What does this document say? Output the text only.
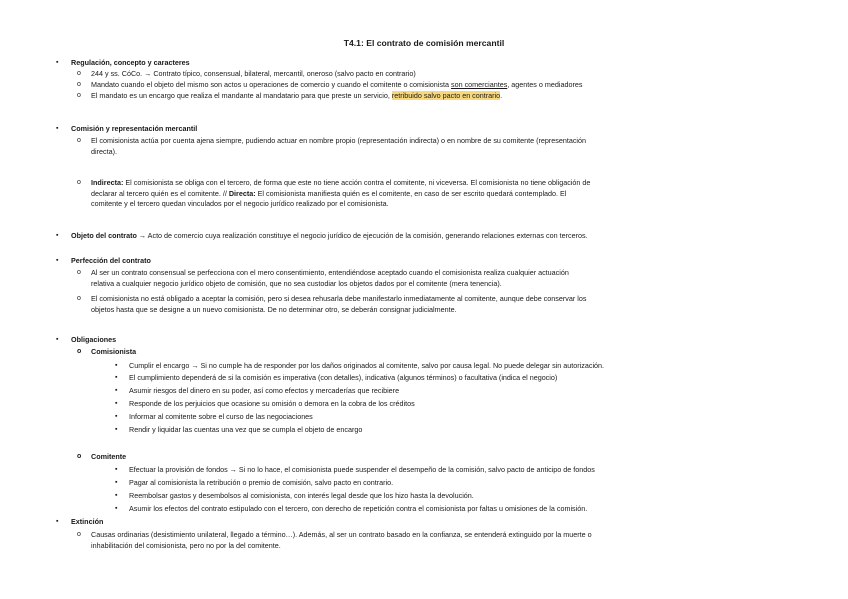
T4.1: El contrato de comisión mercantil
▪ Regulación, concepto y caracteres
o 244 y ss. CóCo. → Contrato típico, consensual, bilateral, mercantil, oneroso (salvo pacto en contrario)
o Mandato cuando el objeto del mismo son actos u operaciones de comercio y cuando el comitente o comisionista son comerciantes, agentes o mediadores
o El mandato es un encargo que realiza el mandante al mandatario para que preste un servicio, retribuido salvo pacto en contrario.
▪ Comisión y representación mercantil
o El comisionista actúa por cuenta ajena siempre, pudiendo actuar en nombre propio (representación indirecta) o en nombre de su comitente (representación
directa).
o Indirecta: El comisionista se obliga con el tercero, de forma que este no tiene acción contra el comitente, ni viceversa. El comisionista no tiene obligación de
declarar al tercero quién es el comitente. // Directa: El comisionista manifiesta quién es el comitente, en caso de ser escrito quedará contemplado. El
comitente y el tercero quedan vinculados por el negocio jurídico realizado por el comisionista.
▪ Objeto del contrato → Acto de comercio cuya realización constituye el negocio jurídico de ejecución de la comisión, generando relaciones externas con terceros.
▪ Perfección del contrato
o Al ser un contrato consensual se perfecciona con el mero consentimiento, entendiéndose aceptado cuando el comisionista realiza cualquier actuación
relativa a cualquier negocio jurídico objeto de comisión, que no sea custodiar los objetos dados por el comitente (mera tenencia).
o El comisionista no está obligado a aceptar la comisión, pero si desea rehusarla debe manifestarlo inmediatamente al comitente, aunque debe conservar los
objetos hasta que se designe a un nuevo comisionista. De no determinar otro, se deberán consignar judicialmente.
▪ Obligaciones
o Comisionista
▪ Cumplir el encargo → Si no cumple ha de responder por los daños originados al comitente, salvo por causa legal. No puede delegar sin autorización.
▪ El cumplimiento dependerá de si la comisión es imperativa (con detalles), indicativa (algunos términos) o facultativa (indica el negocio)
▪ Asumir riesgos del dinero en su poder, así como efectos y mercaderías que recibiere
▪ Responde de los perjuicios que ocasione su omisión o demora en la cobra de los créditos
▪ Informar al comitente sobre el curso de las negociaciones
▪ Rendir y liquidar las cuentas una vez que se cumpla el objeto de encargo
o Comitente
▪ Efectuar la provisión de fondos → Si no lo hace, el comisionista puede suspender el desempeño de la comisión, salvo pacto de anticipo de fondos
▪ Pagar al comisionista la retribución o premio de comisión, salvo pacto en contrario.
▪ Reembolsar gastos y desembolsos al comisionista, con interés legal desde que los hizo hasta la devolución.
▪ Asumir los efectos del contrato estipulado con el tercero, con derecho de repetición contra el comisionista por faltas u omisiones de la comisión.
▪ Extinción
o Causas ordinarias (desistimiento unilateral, llegado a término…). Además, al ser un contrato basado en la confianza, se entenderá extinguido por la muerte o
inhabilitación del comisionista, pero no por la del comitente.
